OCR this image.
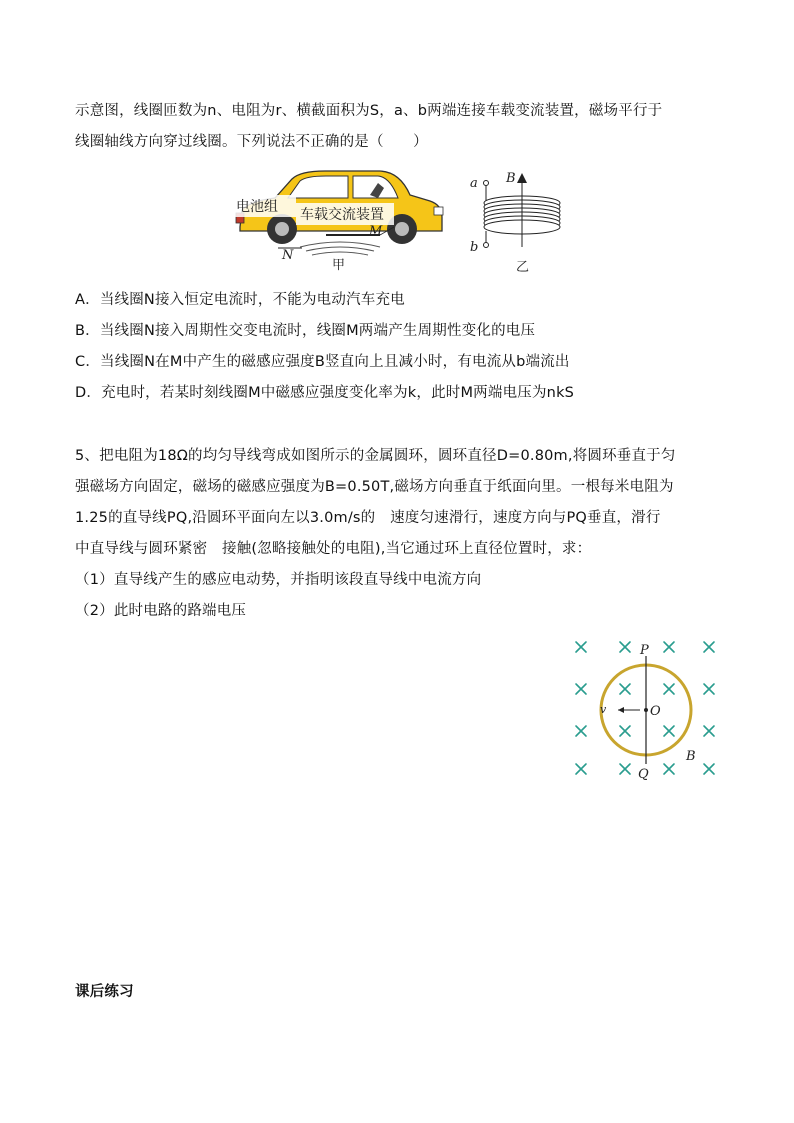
示意图，线圈匝数为n、电阻为r、横截面积为S，a、b两端连接车载变流装置，磁场平行于
线圈轴线方向穿过线圈。下列说法不正确的是（　　）
电池组 车载交流装置
N
M
甲
a
b
B
乙
A．当线圈N接入恒定电流时，不能为电动汽车充电
B．当线圈N接入周期性交变电流时，线圈M两端产生周期性变化的电压
C．当线圈N在M中产生的磁感应强度B竖直向上且减小时，有电流从b端流出
D．充电时，若某时刻线圈M中磁感应强度变化率为k，此时M两端电压为nkS
5、把电阻为18Ω的均匀导线弯成如图所示的金属圆环，圆环直径D=0.80m,将圆环垂直于匀
强磁场方向固定，磁场的磁感应强度为B=0.50T,磁场方向垂直于纸面向里。一根每米电阻为
1.25的直导线PQ,沿圆环平面向左以3.0m/s的　速度匀速滑行，速度方向与PQ垂直，滑行
中直导线与圆环紧密　接触(忽略接触处的电阻),当它通过环上直径位置时，求：
（1）直导线产生的感应电动势，并指明该段直导线中电流方向
（2）此时电路的路端电压
P
Q
O
v
B
课后练习
